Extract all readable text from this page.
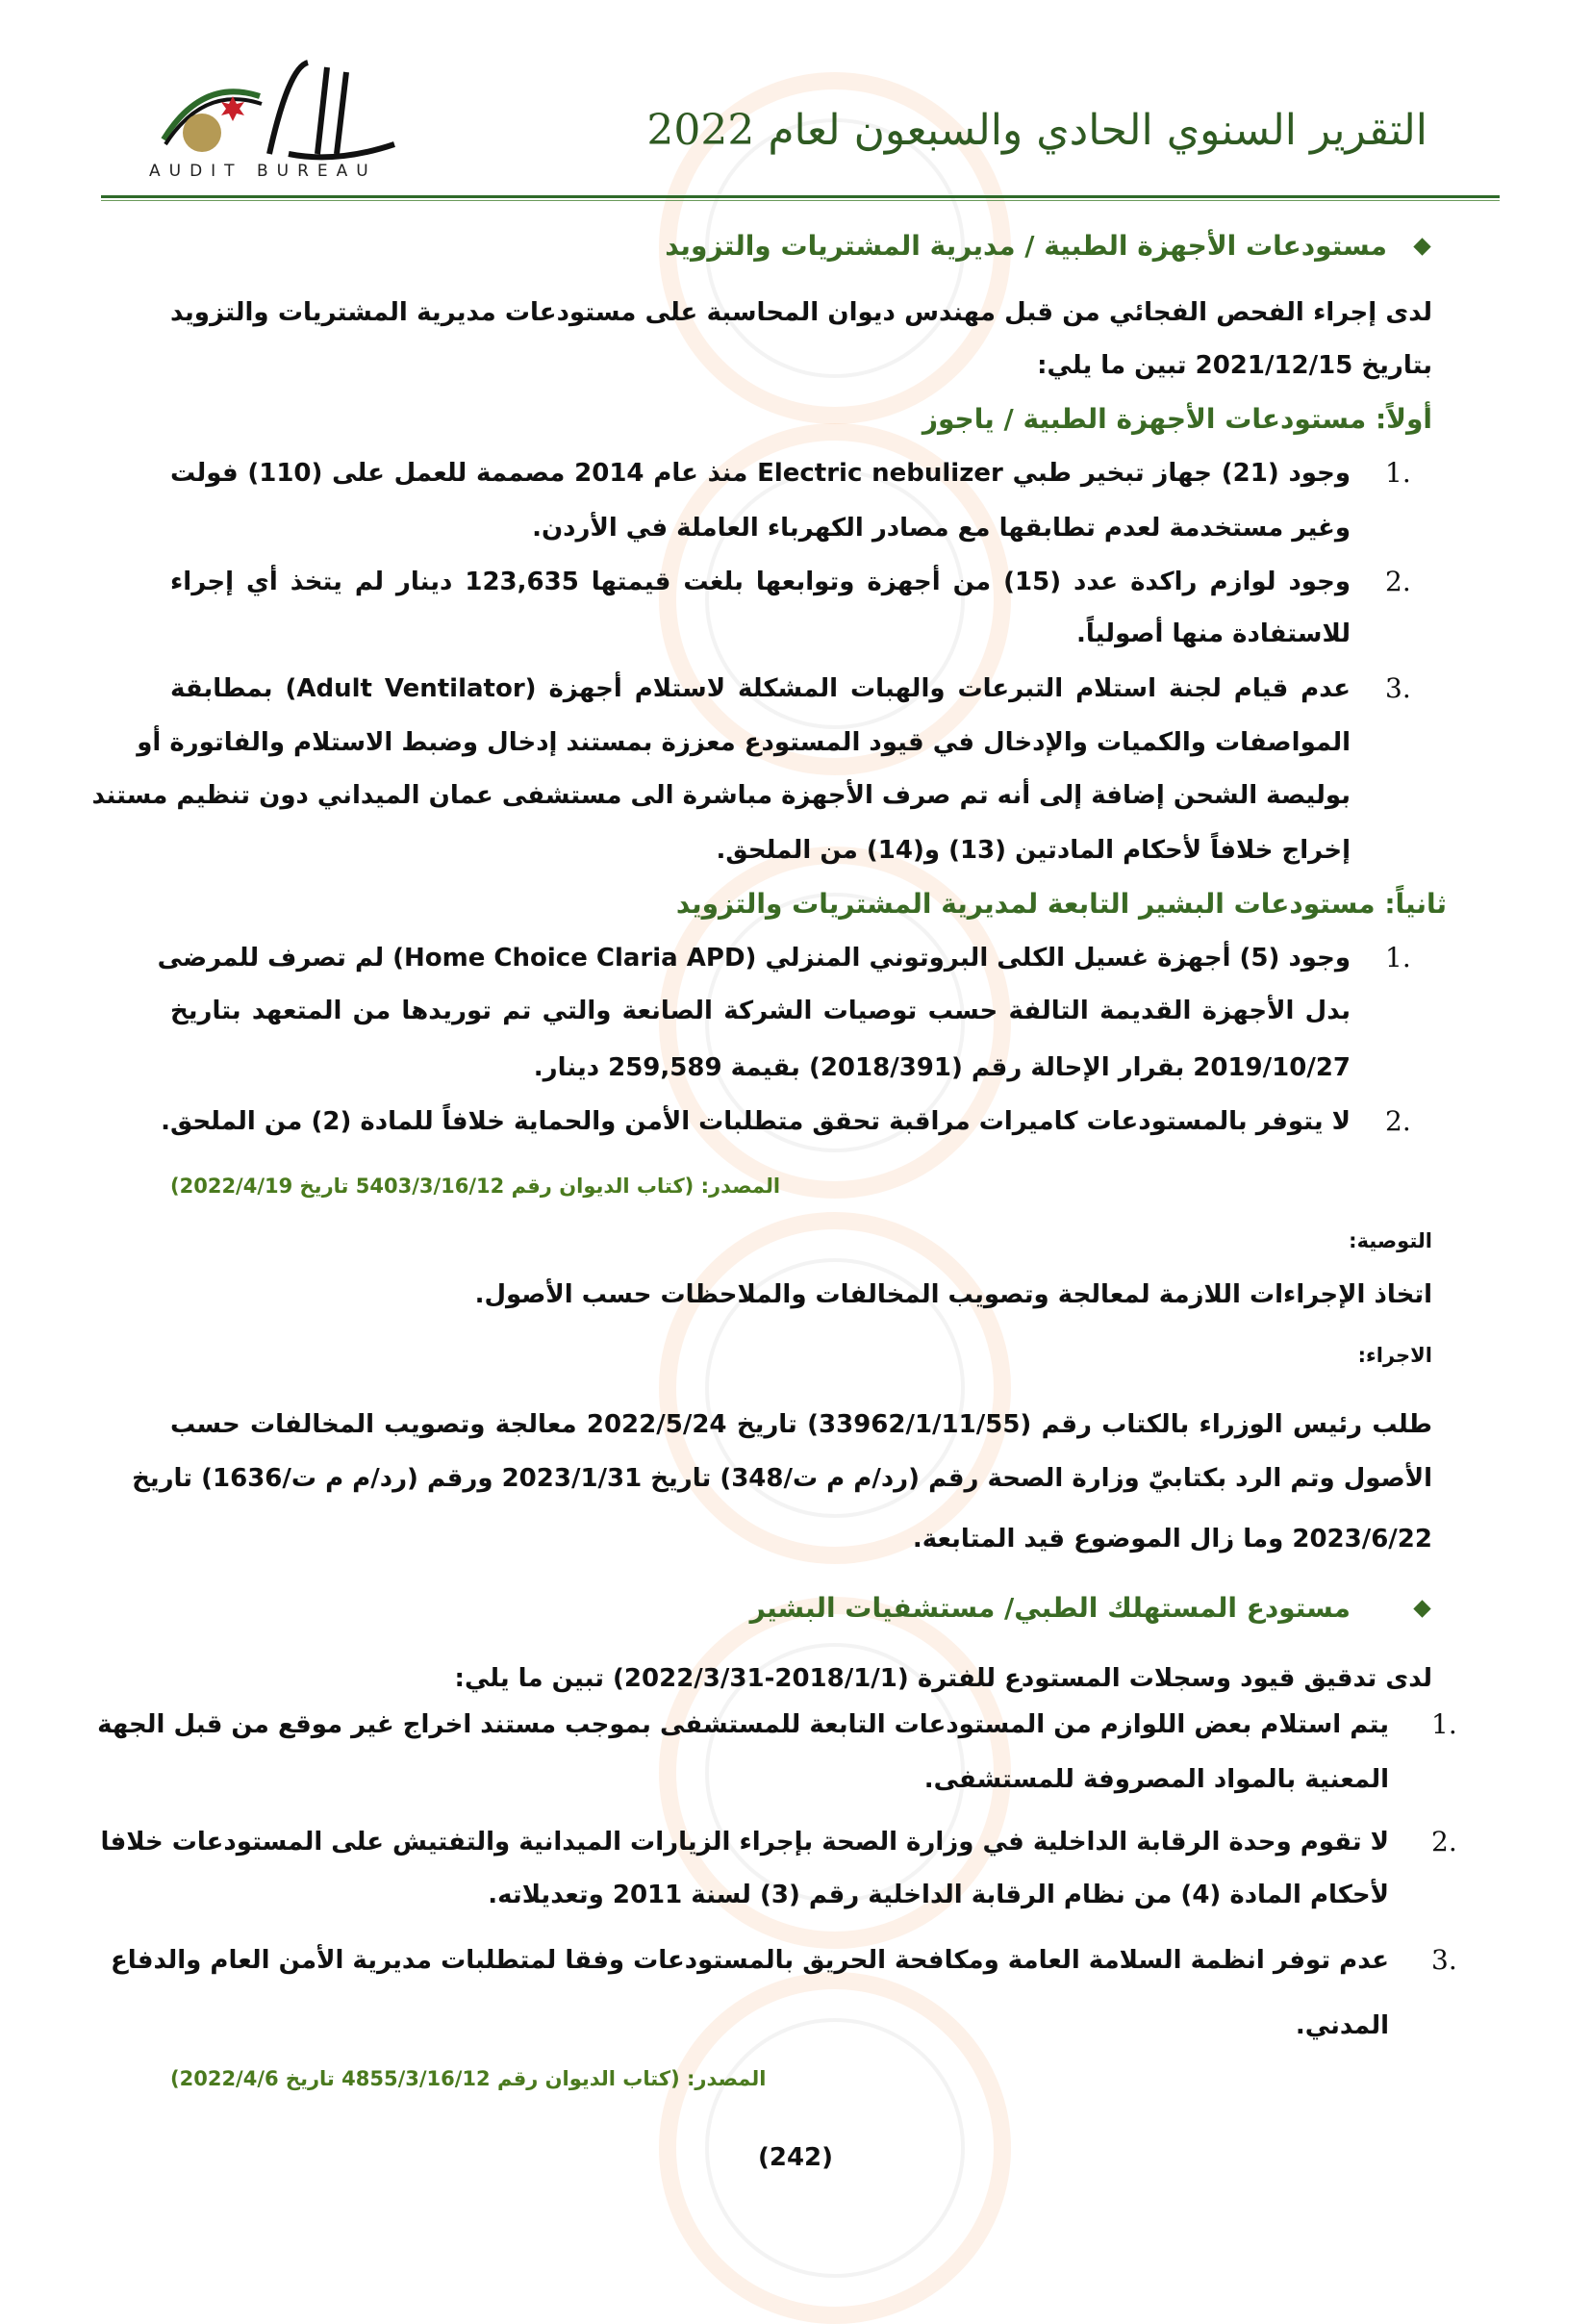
AUDIT BUREAU
التقرير السنوي الحادي والسبعون لعام 2022
مستودعات الأجهزة الطبية / مديرية المشتريات والتزويد
لدى إجراء الفحص الفجائي من قبل مهندس ديوان المحاسبة على مستودعات مديرية المشتريات والتزويد
بتاريخ 2021/12/15 تبين ما يلي:
أولاً: مستودعات الأجهزة الطبية / ياجوز
1.
وجود (21) جهاز تبخير طبي Electric nebulizer منذ عام 2014 مصممة للعمل على (110) فولت
وغير مستخدمة لعدم تطابقها مع مصادر الكهرباء العاملة في الأردن.
2.
وجود لوازم راكدة عدد (15) من أجهزة وتوابعها بلغت قيمتها 123,635 دينار لم يتخذ أي إجراء
للاستفادة منها أصولياً.
3.
عدم قيام لجنة استلام التبرعات والهبات المشكلة لاستلام أجهزة (Adult Ventilator) بمطابقة
المواصفات والكميات والإدخال في قيود المستودع معززة بمستند إدخال وضبط الاستلام والفاتورة أو
بوليصة الشحن إضافة إلى أنه تم صرف الأجهزة مباشرة الى مستشفى عمان الميداني دون تنظيم مستند
إخراج خلافاً لأحكام المادتين (13) و(14) من الملحق.
ثانياً: مستودعات البشير التابعة لمديرية المشتريات والتزويد
1.
وجود (5) أجهزة غسيل الكلى البروتوني المنزلي (Home Choice Claria APD) لم تصرف للمرضى
بدل الأجهزة القديمة التالفة حسب توصيات الشركة الصانعة والتي تم توريدها من المتعهد بتاريخ
2019/10/27 بقرار الإحالة رقم (2018/391) بقيمة 259,589 دينار.
2.
لا يتوفر بالمستودعات كاميرات مراقبة تحقق متطلبات الأمن والحماية خلافاً للمادة (2) من الملحق.
المصدر: (كتاب الديوان رقم 5403/3/16/12 تاريخ 2022/4/19)
التوصية:
اتخاذ الإجراءات اللازمة لمعالجة وتصويب المخالفات والملاحظات حسب الأصول.
الاجراء:
طلب رئيس الوزراء بالكتاب رقم (33962/1/11/55) تاريخ 2022/5/24 معالجة وتصويب المخالفات حسب
الأصول وتم الرد بكتابيّ وزارة الصحة رقم (رد/م م ت/348) تاريخ 2023/1/31 ورقم (رد/م م ت/1636) تاريخ
2023/6/22 وما زال الموضوع قيد المتابعة.
مستودع المستهلك الطبي/ مستشفيات البشير
لدى تدقيق قيود وسجلات المستودع للفترة (2018/1/1-2022/3/31) تبين ما يلي:
1.
يتم استلام بعض اللوازم من المستودعات التابعة للمستشفى بموجب مستند اخراج غير موقع من قبل الجهة
المعنية بالمواد المصروفة للمستشفى.
2.
لا تقوم وحدة الرقابة الداخلية في وزارة الصحة بإجراء الزيارات الميدانية والتفتيش على المستودعات خلافا
لأحكام المادة (4) من نظام الرقابة الداخلية رقم (3) لسنة 2011 وتعديلاته.
3.
عدم توفر انظمة السلامة العامة ومكافحة الحريق بالمستودعات وفقا لمتطلبات مديرية الأمن العام والدفاع
المدني.
المصدر: (كتاب الديوان رقم 4855/3/16/12 تاريخ 2022/4/6)
(242)
